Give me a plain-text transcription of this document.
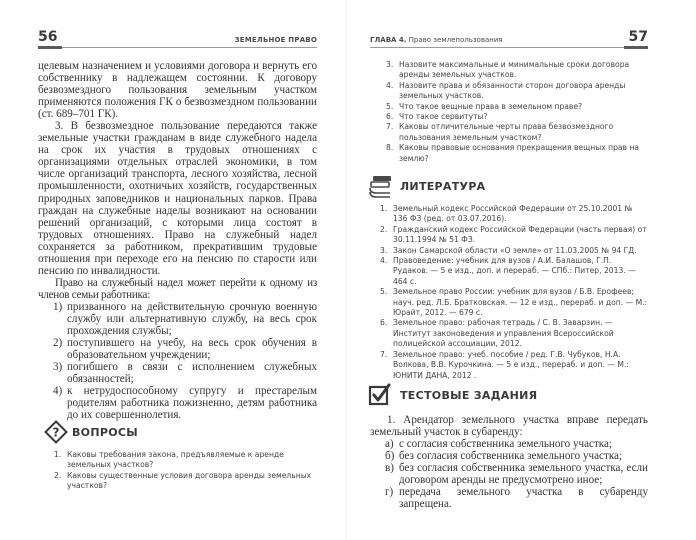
56	ЗЕМЕЛЬНОЕ ПРАВО

целевым назначением и условиями договора и вернуть его собственнику в надлежащем состоянии. К договору безвозмездного пользования земельным участком применяются положения ГК о безвозмездном пользовании (ст. 689–701 ГК).

3. В безвозмездное пользование передаются также земельные участки гражданам в виде служебного надела на срок их участия в трудовых отношениях с организациями отдельных отраслей экономики, в том числе организаций транспорта, лесного хозяйства, лесной промышленности, охотничьих хозяйств, государственных природных заповедников и национальных парков. Права граждан на служебные наделы возникают на основании решений организаций, с которыми лица состоят в трудовых отношениях. Право на служебный надел сохраняется за работником, прекратившим трудовые отношения при переходе его на пенсию по старости или пенсию по инвалидности.

Право на служебный надел может перейти к одному из членов семьи работника:

1) призванного на действительную срочную военную службу или альтернативную службу, на весь срок прохождения службы;
2) поступившего на учебу, на весь срок обучения в образовательном учреждении;
3) погибшего в связи с исполнением служебных обязанностей;
4) к нетрудоспособному супругу и престарелым родителям работника пожизненно, детям работника до их совершеннолетия.
? ВОПРОСЫ
1. Каковы требования закона, предъявляемые к аренде земельных участков?
2. Каковы существенные условия договора аренды земельных участков?
ГЛАВА 4. Право землепользования	57
3. Назовите максимальные и минимальные сроки договора аренды земельных участков.
4. Назовите права и обязанности сторон договора аренды земельных участков.
5. Что такое вещные права в земельном праве?
6. Что такое сервитуты?
7. Каковы отличительные черты права безвозмездного пользования земельным участком?
8. Каковы правовые основания прекращения вещных прав на землю?
ЛИТЕРАТУРА
1. Земельный кодекс Российской Федерации от 25.10.2001 № 136 ФЗ (ред. от 03.07.2016).
2. Гражданский кодекс Российской Федерации (часть первая) от 30.11.1994 № 51 ФЗ.
3. Закон Самарской области «О земле» от 11.03.2005 № 94 ГД.
4. Правоведение: учебник для вузов / А.И. Балашов, Г.П. Рудаков. — 5 е изд., доп. и перераб. — СПб.: Питер, 2013. — 464 с.
5. Земельное право России: учебник для вузов / Б.В. Ерофеев; науч. ред. Л.Б. Братковская. — 12 е изд., перераб. и доп. — М.: Юрайт, 2012. — 679 с.
6. Земельное право: рабочая тетрадь / С. В. Заварзин. — Институт законоведения и управления Всероссийской полицейской ассоциации, 2012.
7. Земельное право: учеб. пособие / ред. Г.В. Чубуков, Н.А. Волкова, В.В. Курочкина. — 5 е изд., перераб. и доп. — М.: ЮНИТИ ДАНА, 2012 .
ТЕСТОВЫЕ ЗАДАНИЯ

1. Арендатор земельного участка вправе передать земельный участок в субаренду:

а) с согласия собственника земельного участка;
б) без согласия собственника земельного участка;
в) без согласия собственника земельного участка, если договором аренды не предусмотрено иное;
г) передача земельного участка в субаренду запрещена.
